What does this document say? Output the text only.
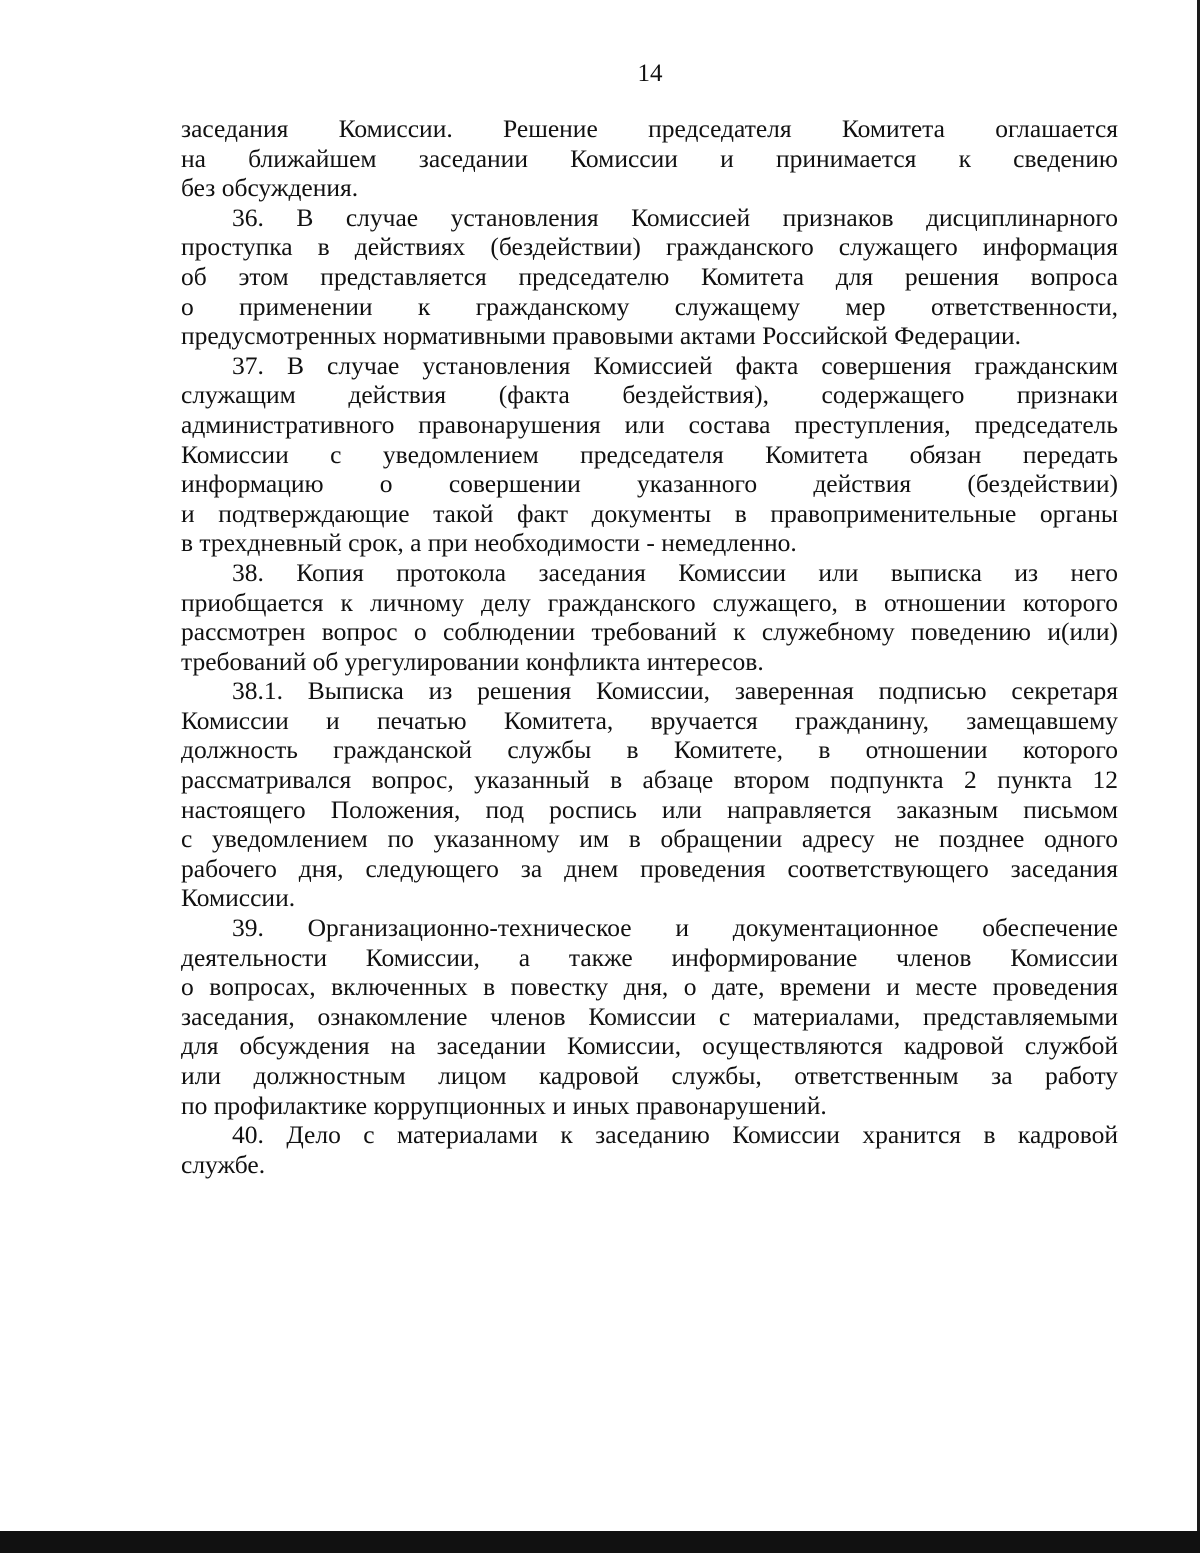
14
заседания Комиссии. Решение председателя Комитета оглашается
на ближайшем заседании Комиссии и принимается к сведению
без обсуждения.
36. В случае установления Комиссией признаков дисциплинарного
проступка в действиях (бездействии) гражданского служащего информация
об этом представляется председателю Комитета для решения вопроса
о применении к гражданскому служащему мер ответственности,
предусмотренных нормативными правовыми актами Российской Федерации.
37. В случае установления Комиссией факта совершения гражданским
служащим действия (факта бездействия), содержащего признаки
административного правонарушения или состава преступления, председатель
Комиссии с уведомлением председателя Комитета обязан передать
информацию о совершении указанного действия (бездействии)
и подтверждающие такой факт документы в правоприменительные органы
в трехдневный срок, а при необходимости - немедленно.
38. Копия протокола заседания Комиссии или выписка из него
приобщается к личному делу гражданского служащего, в отношении которого
рассмотрен вопрос о соблюдении требований к служебному поведению и(или)
требований об урегулировании конфликта интересов.
38.1. Выписка из решения Комиссии, заверенная подписью секретаря
Комиссии и печатью Комитета, вручается гражданину, замещавшему
должность гражданской службы в Комитете, в отношении которого
рассматривался вопрос, указанный в абзаце втором подпункта 2 пункта 12
настоящего Положения, под роспись или направляется заказным письмом
с уведомлением по указанному им в обращении адресу не позднее одного
рабочего дня, следующего за днем проведения соответствующего заседания
Комиссии.
39. Организационно-техническое и документационное обеспечение
деятельности Комиссии, а также информирование членов Комиссии
о вопросах, включенных в повестку дня, о дате, времени и месте проведения
заседания, ознакомление членов Комиссии с материалами, представляемыми
для обсуждения на заседании Комиссии, осуществляются кадровой службой
или должностным лицом кадровой службы, ответственным за работу
по профилактике коррупционных и иных правонарушений.
40. Дело с материалами к заседанию Комиссии хранится в кадровой
службе.
